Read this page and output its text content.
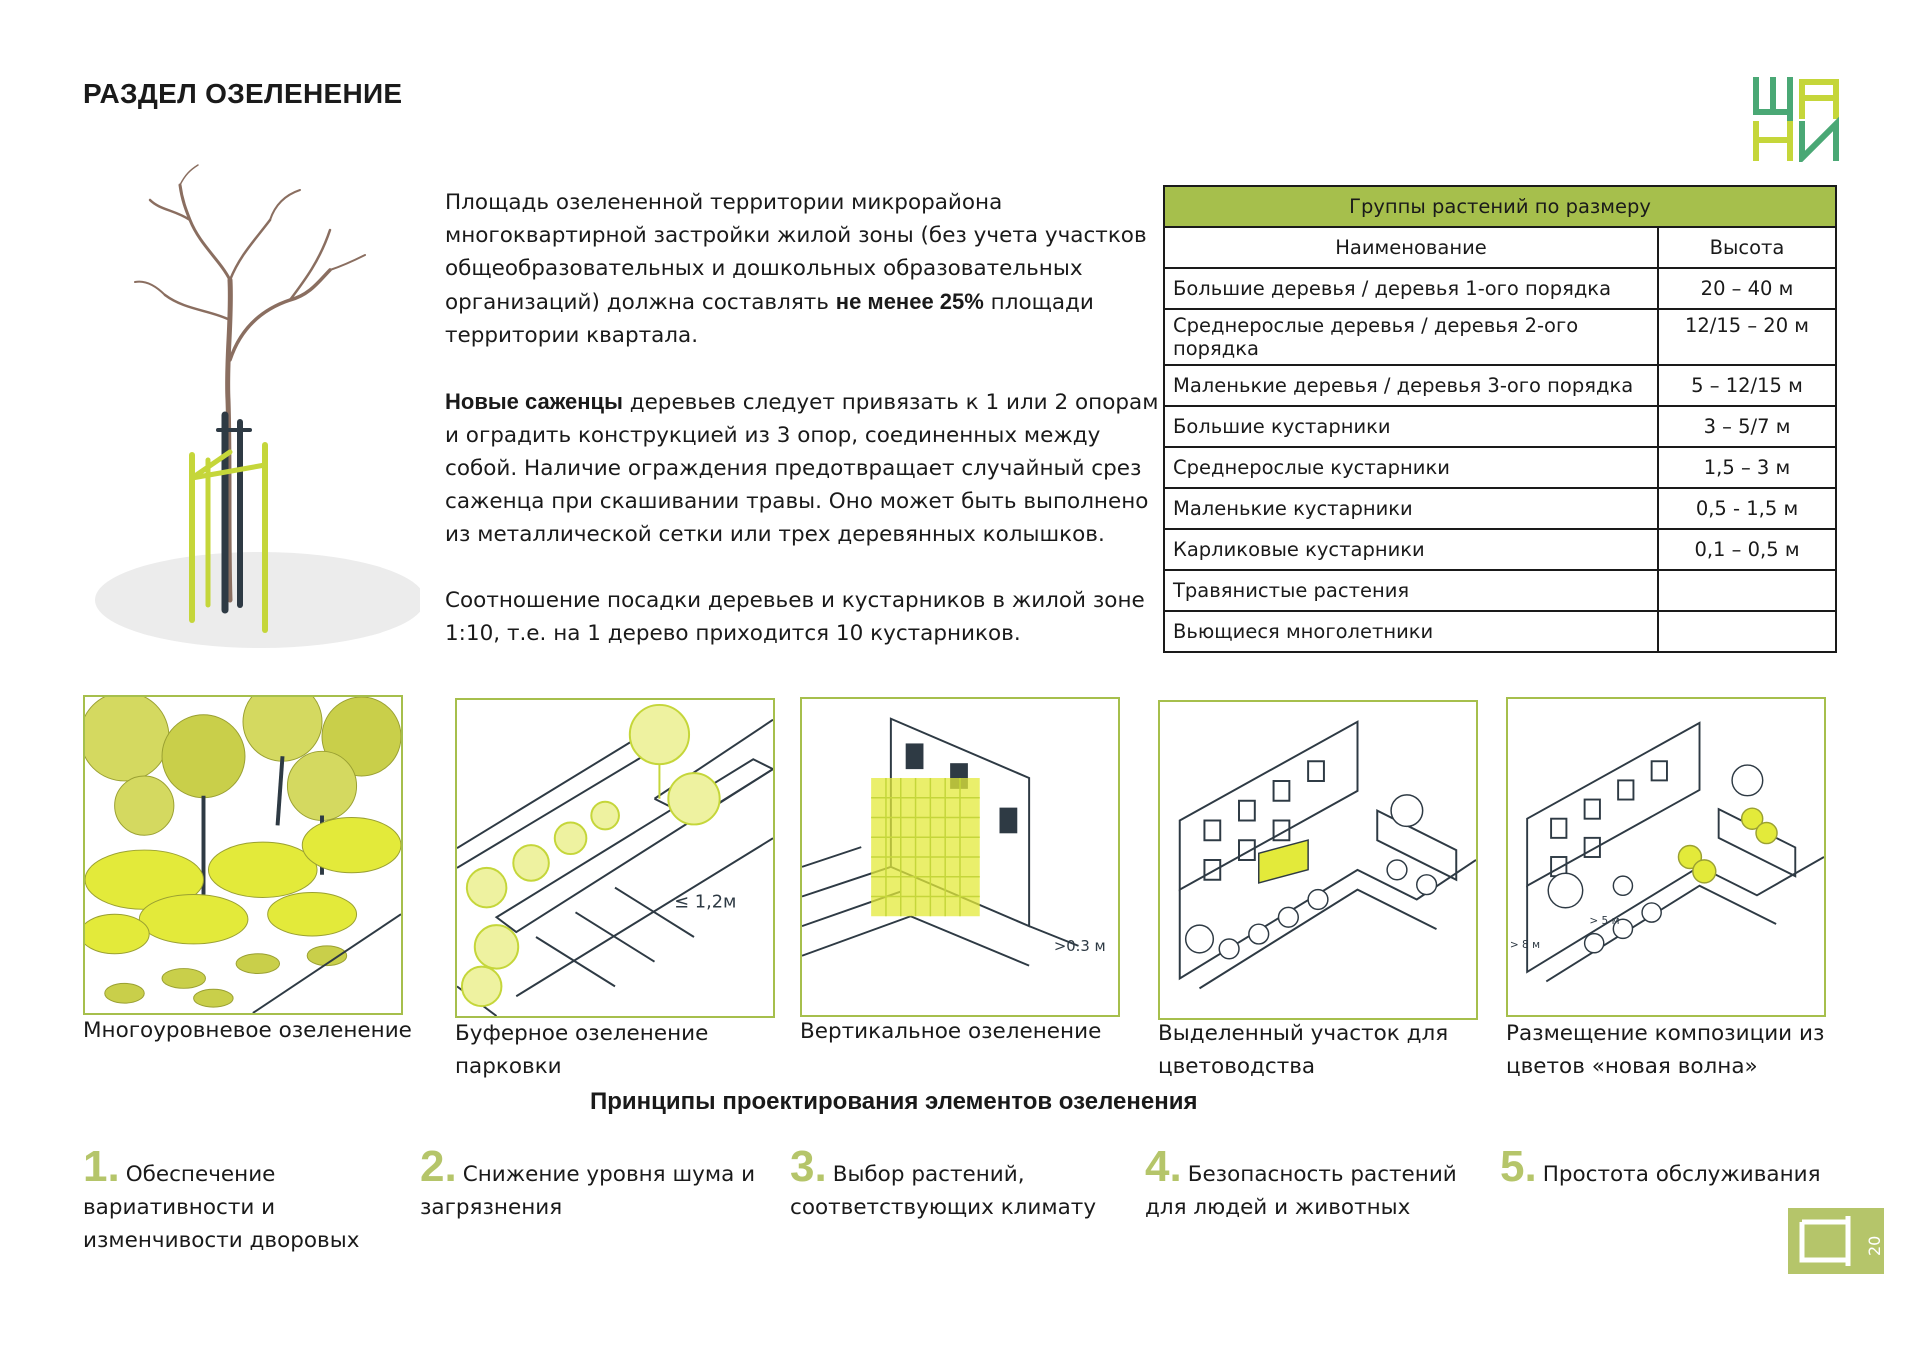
РАЗДЕЛ ОЗЕЛЕНЕНИЕ
Щ

Площадь озелененной территории микрорайона многоквартирной застройки жилой зоны (без учета участков общеобразовательных и дошкольных образовательных организаций) должна составлять не менее 25% площади территории квартала.

Новые саженцы деревьев следует привязать к 1 или 2 опорам и оградить конструкцией из 3 опор, соединенных между собой. Наличие ограждения предотвращает случайный срез саженца при скашивании травы. Оно может быть выполнено из металлической сетки или трех деревянных колышков.

Соотношение посадки деревьев и кустарников в жилой зоне 1:10, т.е. на 1 дерево приходится 10 кустарников.

Группы растений по размеру	
Наименование	Высота
Большие деревья / деревья 1-ого порядка	20 – 40 м
Среднерослые деревья / деревья 2-ого порядка	12/15 – 20 м
Маленькие деревья / деревья 3-ого порядка	5 – 12/15 м
Большие кустарники	3 – 5/7 м
Среднерослые кустарники	1,5 – 3 м
Маленькие кустарники	0,5 - 1,5 м
Карликовые кустарники	0,1 – 0,5 м
Травянистые растения	
Вьющиеся многолетники	
Многоуровневое озеленение
≤ 1,2м
Буферное озеленение парковки
>0.3 м
Вертикальное озеленение	Выделенный участок для цветоводства
> 8 м
> 5 м
Размещение композиции из цветов «новая волна»
Принципы проектирования элементов озеленения
1. Обеспечение вариативности и изменчивости дворовых
2. Снижение уровня шума и загрязнения
3. Выбор растений, соответствующих климату
4. Безопасность растений для людей и животных
5. Простота обслуживания
20
